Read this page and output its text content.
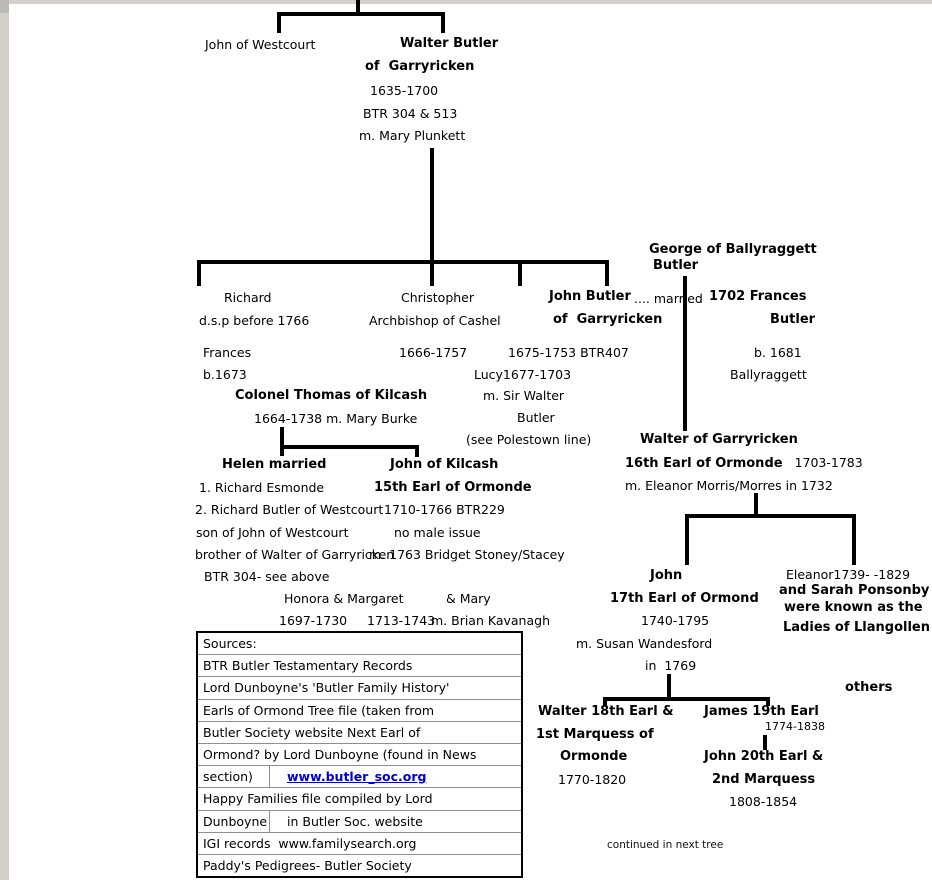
John of Westcourt	Walter Butler
of  Garryricken
1635-1700
BTR 304 & 513
m. Mary Plunkett
Richard
d.s.p before 1766
Frances
b.1673
Christopher
Archbishop of Cashel
1666-1757
John Butler .... married
of  Garryricken
1675-1753 BTR407
Lucy1677-1703
m. Sir Walter
Butler
(see Polestown line)
George of Ballyraggett
Butler
1702 Frances
Butler
b. 1681
Ballyraggett
Colonel Thomas of Kilcash
1664-1738 m. Mary Burke
Helen married
1. Richard Esmonde
2. Richard Butler of Westcourt
son of John of Westcourt
brother of Walter of Garryricken
BTR 304- see above
John of Kilcash
15th Earl of Ormonde
1710-1766 BTR229
no male issue
m. 1763 Bridget Stoney/Stacey
Honora & Margaret
1697-1730     1713-1743
& Mary
m. Brian Kavanagh
Walter of Garryricken
16th Earl of Ormonde 1703-1783
m. Eleanor Morris/Morres in 1732
John
17th Earl of Ormond
1740-1795
m. Susan Wandesford
in  1769
Eleanor1739- -1829
and Sarah Ponsonby
were known as the
Ladies of Llangollen
others
Walter 18th Earl &
1st Marquess of
Ormonde
1770-1820
James 19th Earl
1774-1838
John 20th Earl &
2nd Marquess
1808-1854
continued in next tree
Sources:
BTR Butler Testamentary Records
Lord Dunboyne's 'Butler Family History'
Earls of Ormond Tree file (taken from
Butler Society website Next Earl of
Ormond? by Lord Dunboyne (found in News
section)	www.butler_soc.org
Happy Families file compiled by Lord
Dunboyne	in Butler Soc. website
IGI records  www.familysearch.org
Paddy's Pedigrees- Butler Society
